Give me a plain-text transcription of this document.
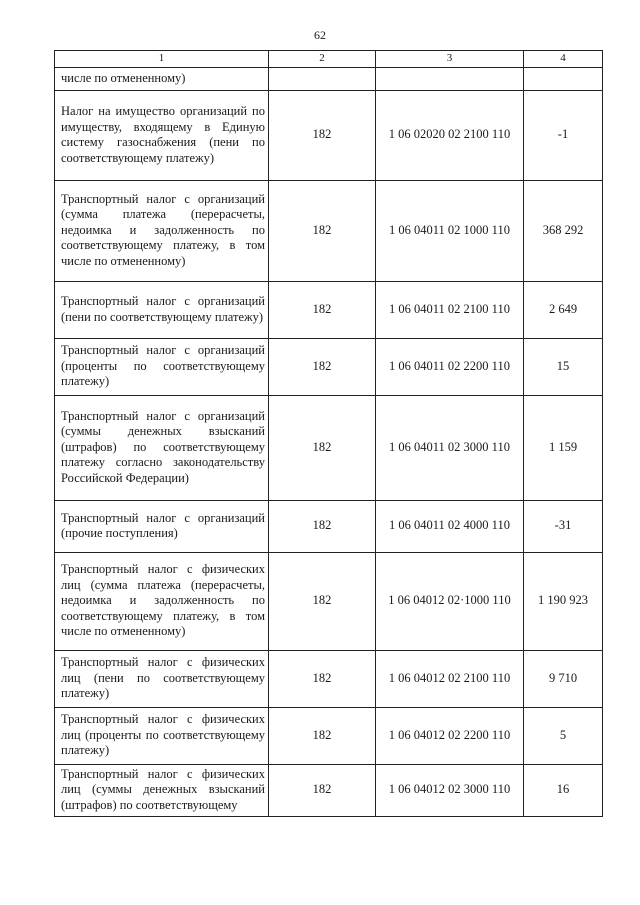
62
1	2	3	4
числе по отмененному)			
Налог на имущество организаций по имуществу, входящему в Единую систему газоснабжения (пени по соответствующему платежу)	182	1 06 02020 02 2100 110	-1
Транспортный налог с организаций (сумма платежа (перерасчеты, недоимка и задолженность по соответствующему платежу, в том числе по отмененному)	182	1 06 04011 02 1000 110	368 292
Транспортный налог с организаций (пени по соответствующему платежу)	182	1 06 04011 02 2100 110	2 649
Транспортный налог с организаций (проценты по соответствующему платежу)	182	1 06 04011 02 2200 110	15
Транспортный налог с организаций (суммы денежных взысканий (штрафов) по соответствующему платежу согласно законодательству Российской Федерации)	182	1 06 04011 02 3000 110	1 159
Транспортный налог с организаций (прочие поступления)	182	1 06 04011 02 4000 110	-31
Транспортный налог с физических лиц (сумма платежа (перерасчеты, недоимка и задолженность по соответствующему платежу, в том числе по отмененному)	182	1 06 04012 02·1000 110	1 190 923
Транспортный налог с физических лиц (пени по соответствующему платежу)	182	1 06 04012 02 2100 110	9 710
Транспортный налог с физических лиц (проценты по соответствующему платежу)	182	1 06 04012 02 2200 110	5
Транспортный налог с физических лиц (суммы денежных взысканий (штрафов) по соответствующему	182	1 06 04012 02 3000 110	16
